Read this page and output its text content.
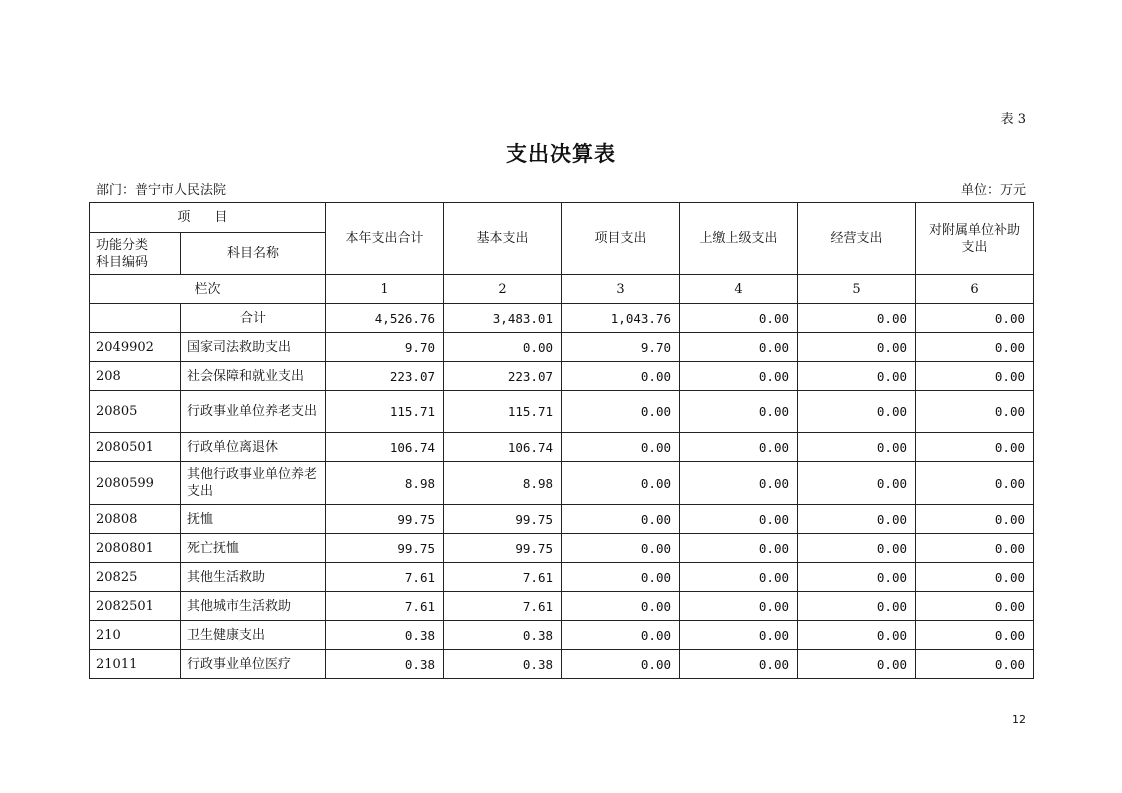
表 3
支出决算表
部门：普宁市人民法院	单位：万元
项 目		本年支出合计	基本支出	项目支出	上缴上级支出	经营支出	对附属单位补助
支出
功能分类
科目编码	科目名称						
栏次		1	2	3	4	5	6
	合计	4,526.76	3,483.01	1,043.76	0.00	0.00	0.00
2049902	国家司法救助支出	9.70	0.00	9.70	0.00	0.00	0.00
208	社会保障和就业支出	223.07	223.07	0.00	0.00	0.00	0.00
20805	行政事业单位养老支出	115.71	115.71	0.00	0.00	0.00	0.00
2080501	行政单位离退休	106.74	106.74	0.00	0.00	0.00	0.00
2080599	其他行政事业单位养老支出	8.98	8.98	0.00	0.00	0.00	0.00
20808	抚恤	99.75	99.75	0.00	0.00	0.00	0.00
2080801	死亡抚恤	99.75	99.75	0.00	0.00	0.00	0.00
20825	其他生活救助	7.61	7.61	0.00	0.00	0.00	0.00
2082501	其他城市生活救助	7.61	7.61	0.00	0.00	0.00	0.00
210	卫生健康支出	0.38	0.38	0.00	0.00	0.00	0.00
21011	行政事业单位医疗	0.38	0.38	0.00	0.00	0.00	0.00
12
